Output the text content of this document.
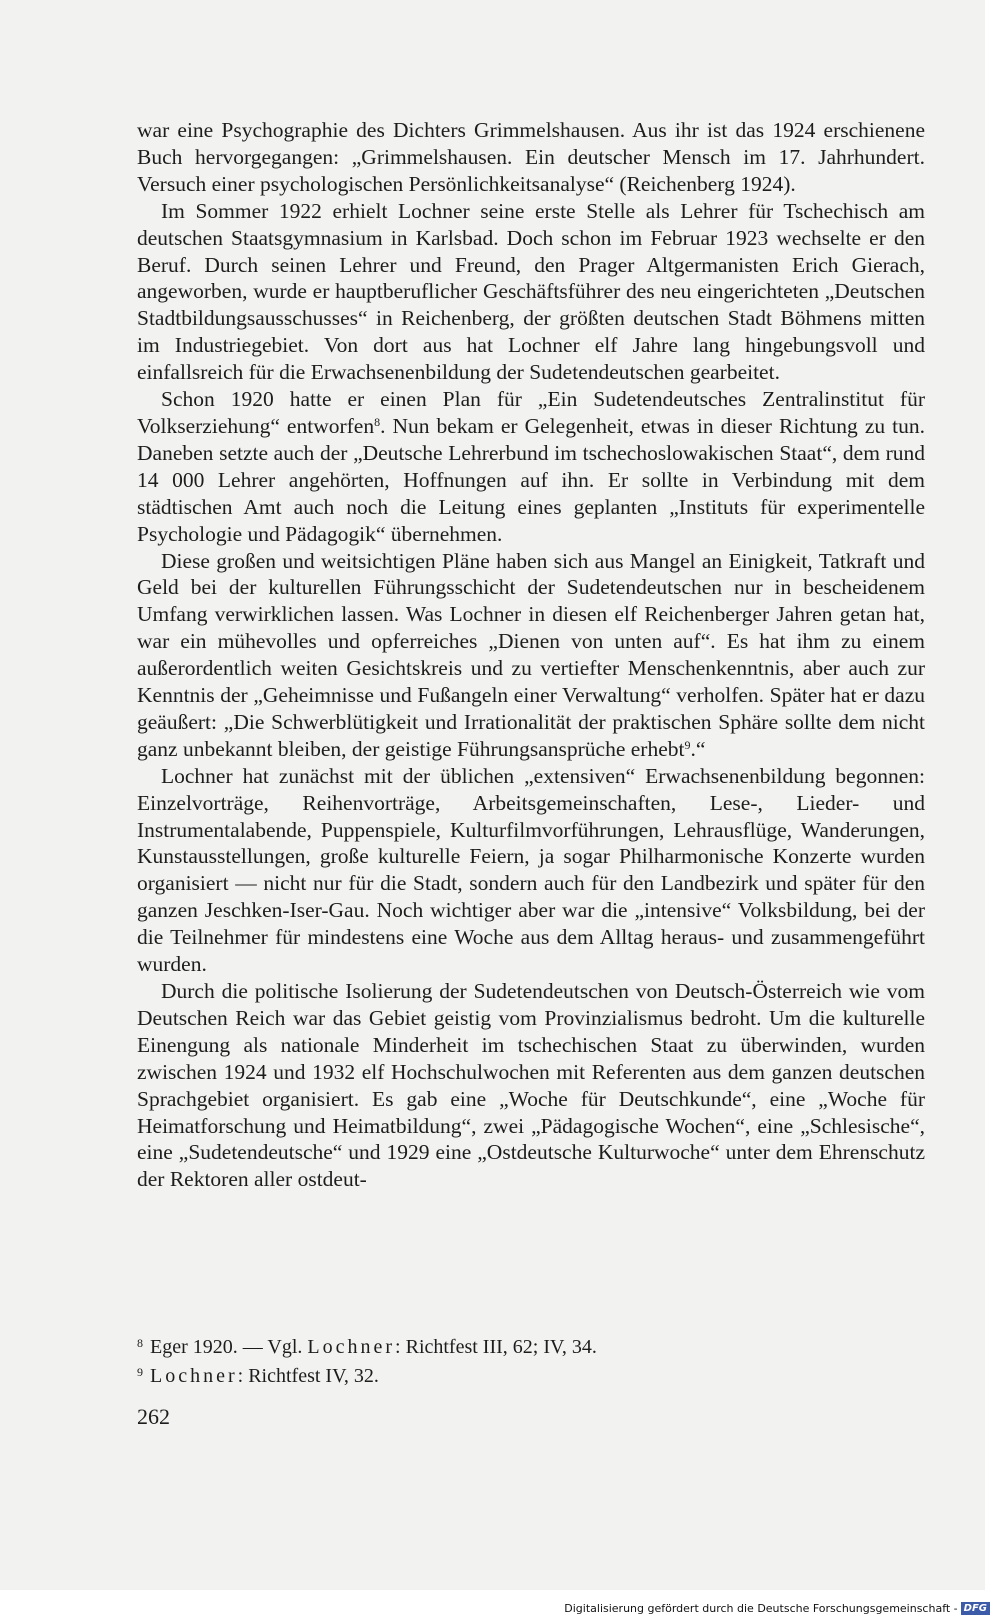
war eine Psychographie des Dichters Grimmelshausen. Aus ihr ist das 1924 erschienene Buch hervorgegangen: „Grimmelshausen. Ein deutscher Mensch im 17. Jahrhundert. Versuch einer psychologischen Persönlichkeitsanalyse“ (Reichenberg 1924).

Im Sommer 1922 erhielt Lochner seine erste Stelle als Lehrer für Tschechisch am deutschen Staatsgymnasium in Karlsbad. Doch schon im Februar 1923 wechselte er den Beruf. Durch seinen Lehrer und Freund, den Prager Altgermanisten Erich Gierach, angeworben, wurde er hauptberuflicher Geschäftsführer des neu eingerichteten „Deutschen Stadtbildungsausschusses“ in Reichenberg, der größten deutschen Stadt Böhmens mitten im Industriegebiet. Von dort aus hat Lochner elf Jahre lang hingebungsvoll und einfallsreich für die Erwachsenenbildung der Sudetendeutschen gearbeitet.

Schon 1920 hatte er einen Plan für „Ein Sudetendeutsches Zentralinstitut für Volkserziehung“ entworfen$^8$. Nun bekam er Gelegenheit, etwas in dieser Richtung zu tun. Daneben setzte auch der „Deutsche Lehrerbund im tschechoslowakischen Staat“, dem rund 14 000 Lehrer angehörten, Hoffnungen auf ihn. Er sollte in Verbindung mit dem städtischen Amt auch noch die Leitung eines geplanten „Instituts für experimentelle Psychologie und Pädagogik“ übernehmen.

Diese großen und weitsichtigen Pläne haben sich aus Mangel an Einigkeit, Tatkraft und Geld bei der kulturellen Führungsschicht der Sudetendeutschen nur in bescheidenem Umfang verwirklichen lassen. Was Lochner in diesen elf Reichenberger Jahren getan hat, war ein mühevolles und opferreiches „Dienen von unten auf“. Es hat ihm zu einem außerordentlich weiten Gesichtskreis und zu vertiefter Menschenkenntnis, aber auch zur Kenntnis der „Geheimnisse und Fußangeln einer Verwaltung“ verholfen. Später hat er dazu geäußert: „Die Schwerblütigkeit und Irrationalität der praktischen Sphäre sollte dem nicht ganz unbekannt bleiben, der geistige Führungsansprüche erhebt$^9$.“

Lochner hat zunächst mit der üblichen „extensiven“ Erwachsenenbildung begonnen: Einzelvorträge, Reihenvorträge, Arbeitsgemeinschaften, Lese-, Lieder- und Instrumentalabende, Puppenspiele, Kulturfilmvorführungen, Lehrausflüge, Wanderungen, Kunstausstellungen, große kulturelle Feiern, ja sogar Philharmonische Konzerte wurden organisiert — nicht nur für die Stadt, sondern auch für den Landbezirk und später für den ganzen Jeschken-Iser-Gau. Noch wichtiger aber war die „intensive“ Volksbildung, bei der die Teilnehmer für mindestens eine Woche aus dem Alltag heraus- und zusammengeführt wurden.

Durch die politische Isolierung der Sudetendeutschen von Deutsch-Österreich wie vom Deutschen Reich war das Gebiet geistig vom Provinzialismus bedroht. Um die kulturelle Einengung als nationale Minderheit im tschechischen Staat zu überwinden, wurden zwischen 1924 und 1932 elf Hochschulwochen mit Referenten aus dem ganzen deutschen Sprachgebiet organisiert. Es gab eine „Woche für Deutschkunde“, eine „Woche für Heimatforschung und Heimatbildung“, zwei „Pädagogische Wochen“, eine „Schlesische“, eine „Sudetendeutsche“ und 1929 eine „Ostdeutsche Kulturwoche“ unter dem Ehrenschutz der Rektoren aller ostdeut-

$^8$ Eger 1920. — Vgl. Lochner: Richtfest III, 62; IV, 34.
$^9$ Lochner: Richtfest IV, 32.
262
Digitalisierung gefördert durch die Deutsche Forschungsgemeinschaft - DFG
